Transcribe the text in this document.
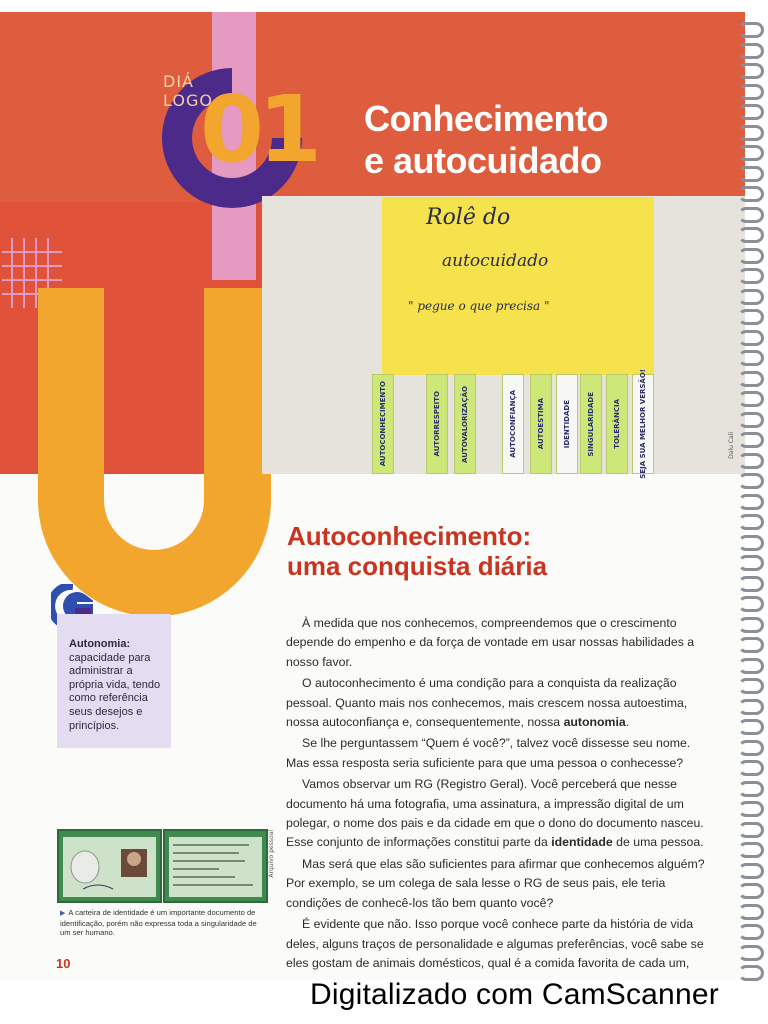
DIÁ
LOGO
01 Conhecimento
e autocuidado
Rolê do
autocuidado
" pegue o que precisa "
AUTOCONHECIMENTO	AUTORRESPEITO	AUTOVALORIZAÇÃO	AUTOCONFIANÇA	AUTOESTIMA	IDENTIDADE SINGULARIDADE	TOLERÂNCIA	SEJA SUA MELHOR VERSÃO!	Dalu Cali
Autoconhecimento:
uma conquista diária

À medida que nos conhecemos, compreendemos que o crescimento depende do empenho e da força de vontade em usar nossas habilidades a nosso favor.

O autoconhecimento é uma condição para a conquista da realização pessoal. Quanto mais nos conhecemos, mais crescem nossa autoestima, nossa autoconfiança e, consequentemente, nossa autonomia.

Se lhe perguntassem “Quem é você?”, talvez você dissesse seu nome. Mas essa resposta seria suficiente para que uma pessoa o conhecesse?

Vamos observar um RG (Registro Geral). Você perceberá que nesse documento há uma fotografia, uma assinatura, a impressão digital de um polegar, o nome dos pais e da cidade em que o dono do documento nasceu. Esse conjunto de informações constitui parte da identidade de uma pessoa.

Mas será que elas são suficientes para afirmar que conhecemos alguém? Por exemplo, se um colega de sala lesse o RG de seus pais, ele teria condições de conhecê-los tão bem quanto você?

É evidente que não. Isso porque você conhece parte da história de vida deles, alguns traços de personalidade e algumas preferências, você sabe se eles gostam de animais domésticos, qual é a comida favorita de cada um,

Autonomia:
capacidade para administrar a própria vida, tendo como referência seus desejos e princípios.
Arquivo pessoal
▶ A carteira de identidade é um importante documento de identificação, porém não expressa toda a singularidade de um ser humano.
10
Digitalizado com CamScanner
